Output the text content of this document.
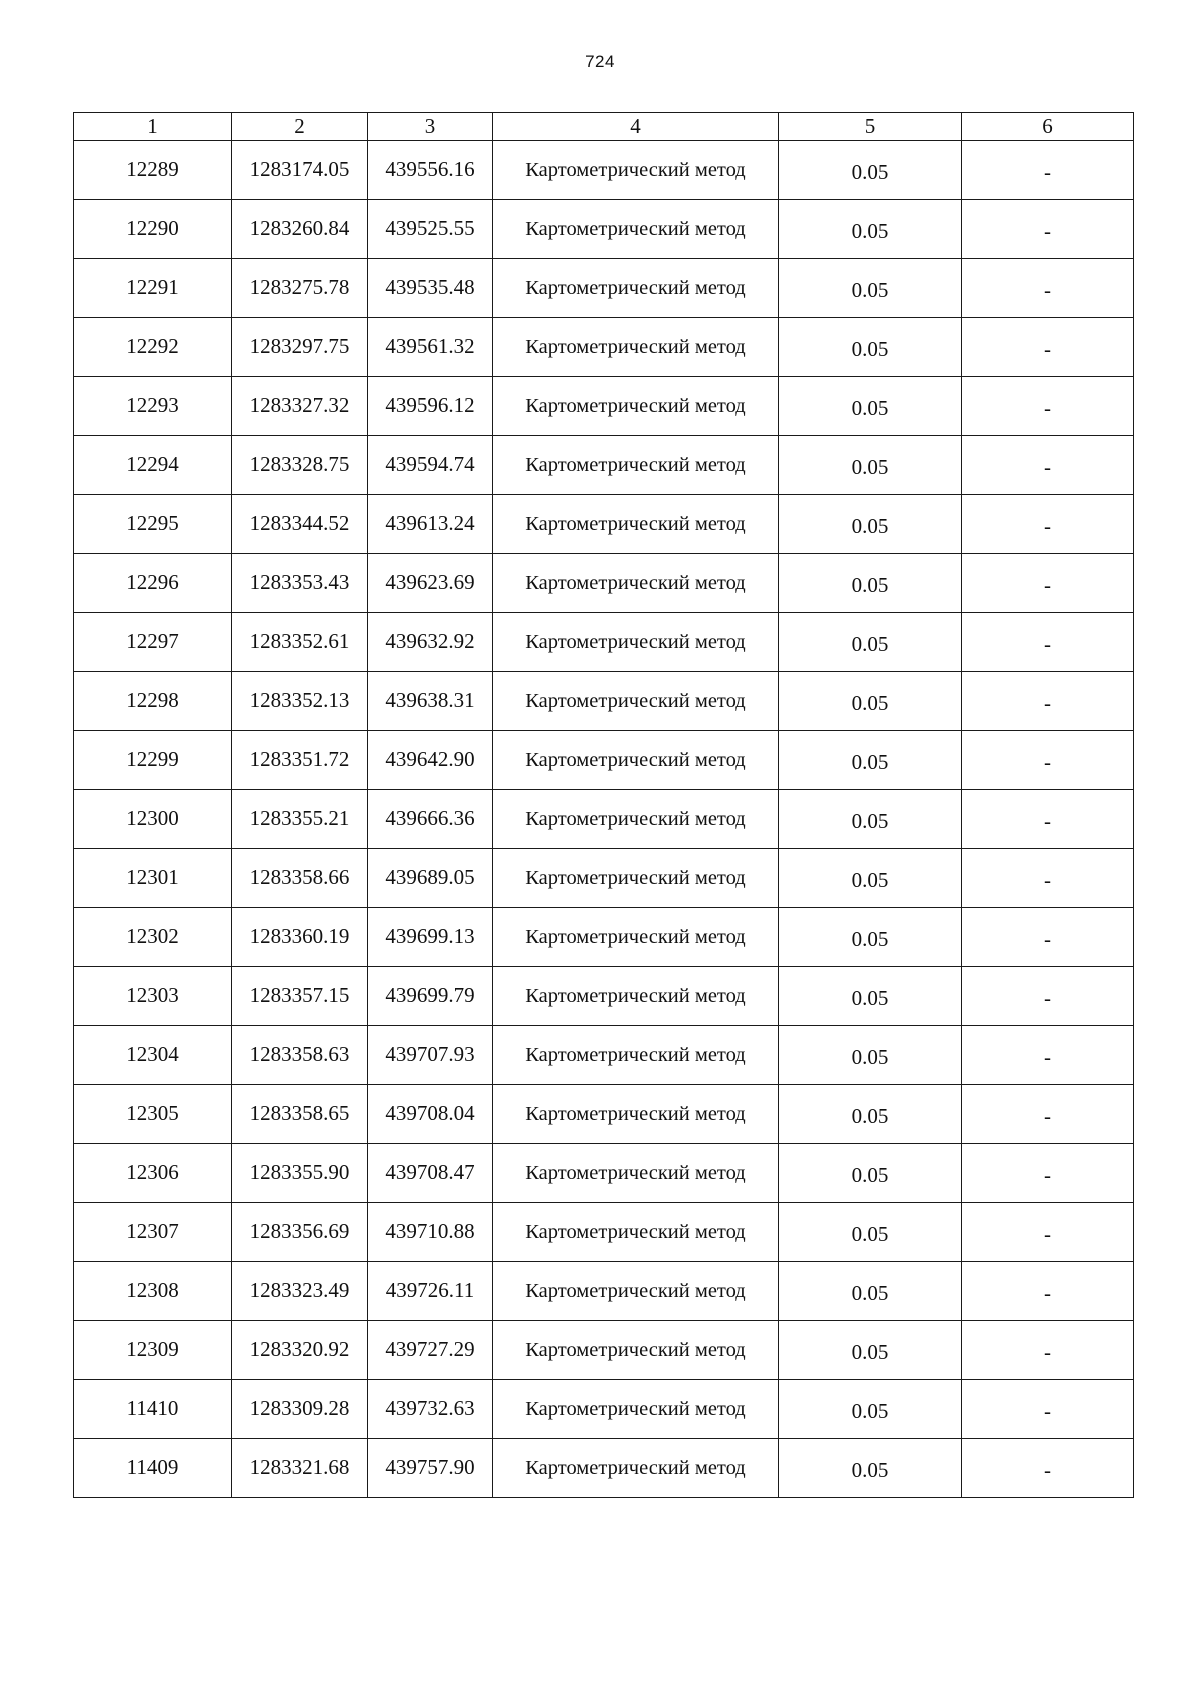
724
1	2	3	4	5	6
12289	1283174.05	439556.16	Картометрический метод	0.05	-
12290	1283260.84	439525.55	Картометрический метод	0.05	-
12291	1283275.78	439535.48	Картометрический метод	0.05	-
12292	1283297.75	439561.32	Картометрический метод	0.05	-
12293	1283327.32	439596.12	Картометрический метод	0.05	-
12294	1283328.75	439594.74	Картометрический метод	0.05	-
12295	1283344.52	439613.24	Картометрический метод	0.05	-
12296	1283353.43	439623.69	Картометрический метод	0.05	-
12297	1283352.61	439632.92	Картометрический метод	0.05	-
12298	1283352.13	439638.31	Картометрический метод	0.05	-
12299	1283351.72	439642.90	Картометрический метод	0.05	-
12300	1283355.21	439666.36	Картометрический метод	0.05	-
12301	1283358.66	439689.05	Картометрический метод	0.05	-
12302	1283360.19	439699.13	Картометрический метод	0.05	-
12303	1283357.15	439699.79	Картометрический метод	0.05	-
12304	1283358.63	439707.93	Картометрический метод	0.05	-
12305	1283358.65	439708.04	Картометрический метод	0.05	-
12306	1283355.90	439708.47	Картометрический метод	0.05	-
12307	1283356.69	439710.88	Картометрический метод	0.05	-
12308	1283323.49	439726.11	Картометрический метод	0.05	-
12309	1283320.92	439727.29	Картометрический метод	0.05	-
11410	1283309.28	439732.63	Картометрический метод	0.05	-
11409	1283321.68	439757.90	Картометрический метод	0.05	-
